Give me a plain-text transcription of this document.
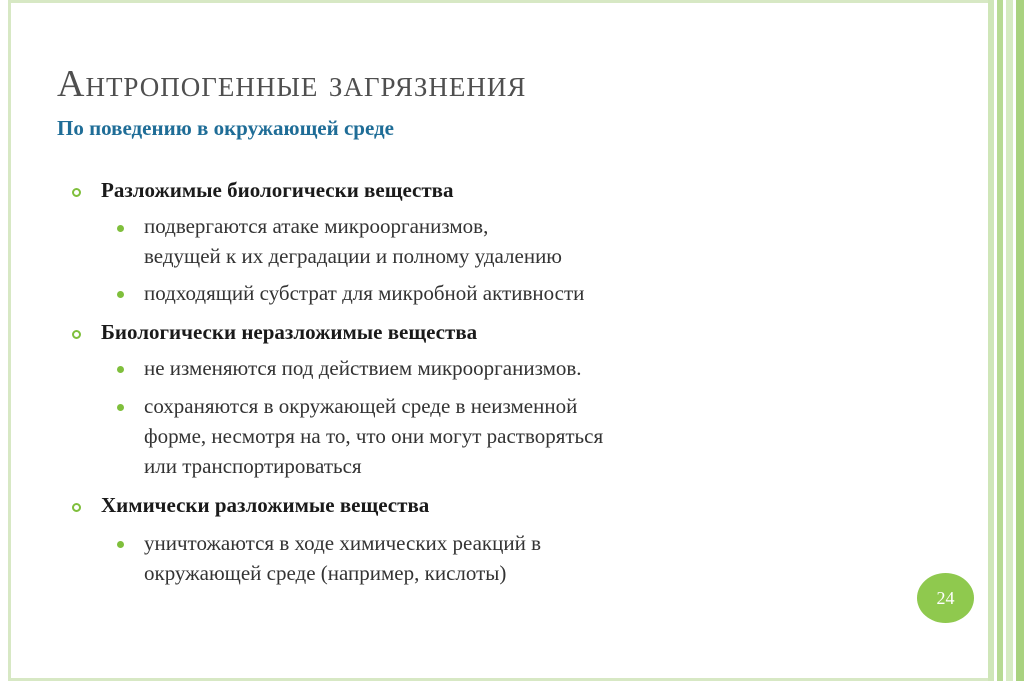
Антропогенные загрязнения
По поведению в окружающей среде
Разложимые биологически вещества
подвергаются атаке микроорганизмов,
ведущей к их деградации и полному удалению
подходящий субстрат для микробной активности
Биологически неразложимые вещества
не изменяются под действием микроорганизмов.
сохраняются в окружающей среде в неизменной
форме, несмотря на то, что они могут растворяться
или транспортироваться
Химически разложимые вещества
уничтожаются в ходе химических реакций в
окружающей среде (например, кислоты)
24
